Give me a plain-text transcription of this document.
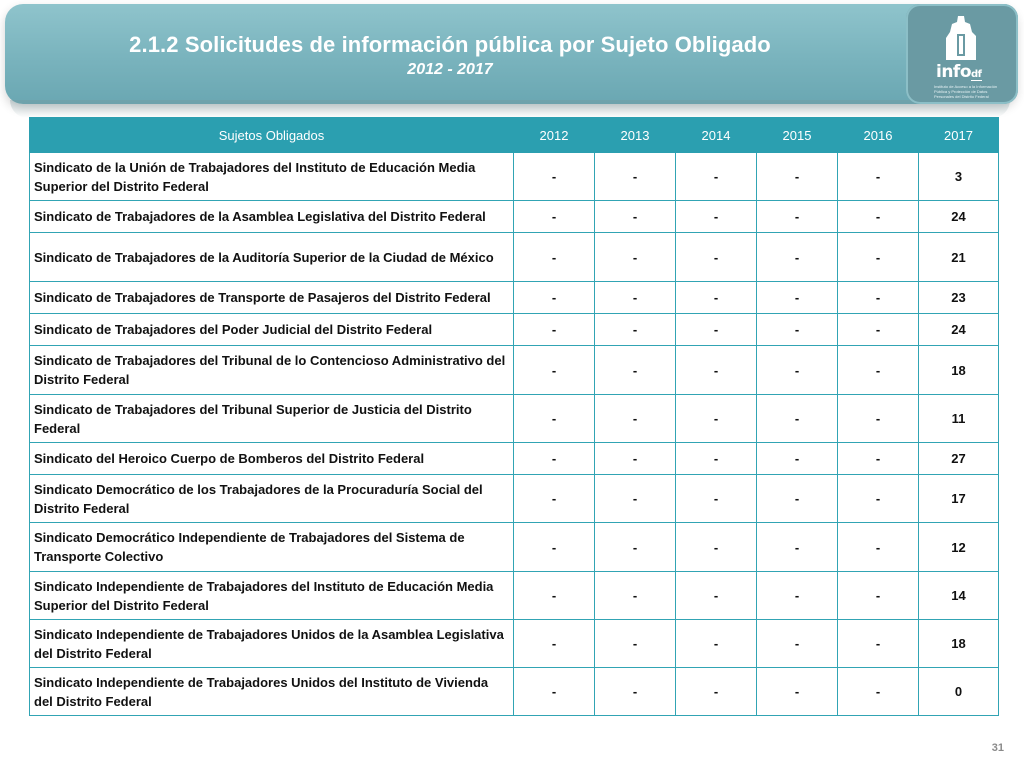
2.1.2 Solicitudes de información pública por Sujeto Obligado
2012 - 2017	infodf
Instituto de Acceso a la Información Pública y Protección de Datos Personales del Distrito Federal
Sujetos Obligados	2012	2013	2014	2015	2016	2017
Sindicato de la Unión de Trabajadores del Instituto de Educación Media Superior del Distrito Federal	-	-	-	-	-	3
Sindicato de Trabajadores de la Asamblea Legislativa del Distrito Federal	-	-	-	-	-	24
Sindicato de Trabajadores de la Auditoría Superior de la Ciudad de México	-	-	-	-	-	21
Sindicato de Trabajadores de Transporte de Pasajeros del Distrito Federal	-	-	-	-	-	23
Sindicato de Trabajadores del Poder Judicial del Distrito Federal	-	-	-	-	-	24
Sindicato de Trabajadores del Tribunal de lo Contencioso Administrativo del Distrito Federal	-	-	-	-	-	18
Sindicato de Trabajadores del Tribunal Superior de Justicia del Distrito Federal	-	-	-	-	-	11
Sindicato del Heroico Cuerpo de Bomberos del Distrito Federal	-	-	-	-	-	27
Sindicato Democrático de los Trabajadores de la Procuraduría Social del Distrito Federal	-	-	-	-	-	17
Sindicato Democrático Independiente de Trabajadores del Sistema de Transporte Colectivo	-	-	-	-	-	12
Sindicato Independiente de Trabajadores del Instituto de Educación Media Superior del Distrito Federal	-	-	-	-	-	14
Sindicato Independiente de Trabajadores Unidos de la Asamblea Legislativa del Distrito Federal	-	-	-	-	-	18
Sindicato Independiente de Trabajadores Unidos del Instituto de Vivienda del Distrito Federal	-	-	-	-	-	0
31
